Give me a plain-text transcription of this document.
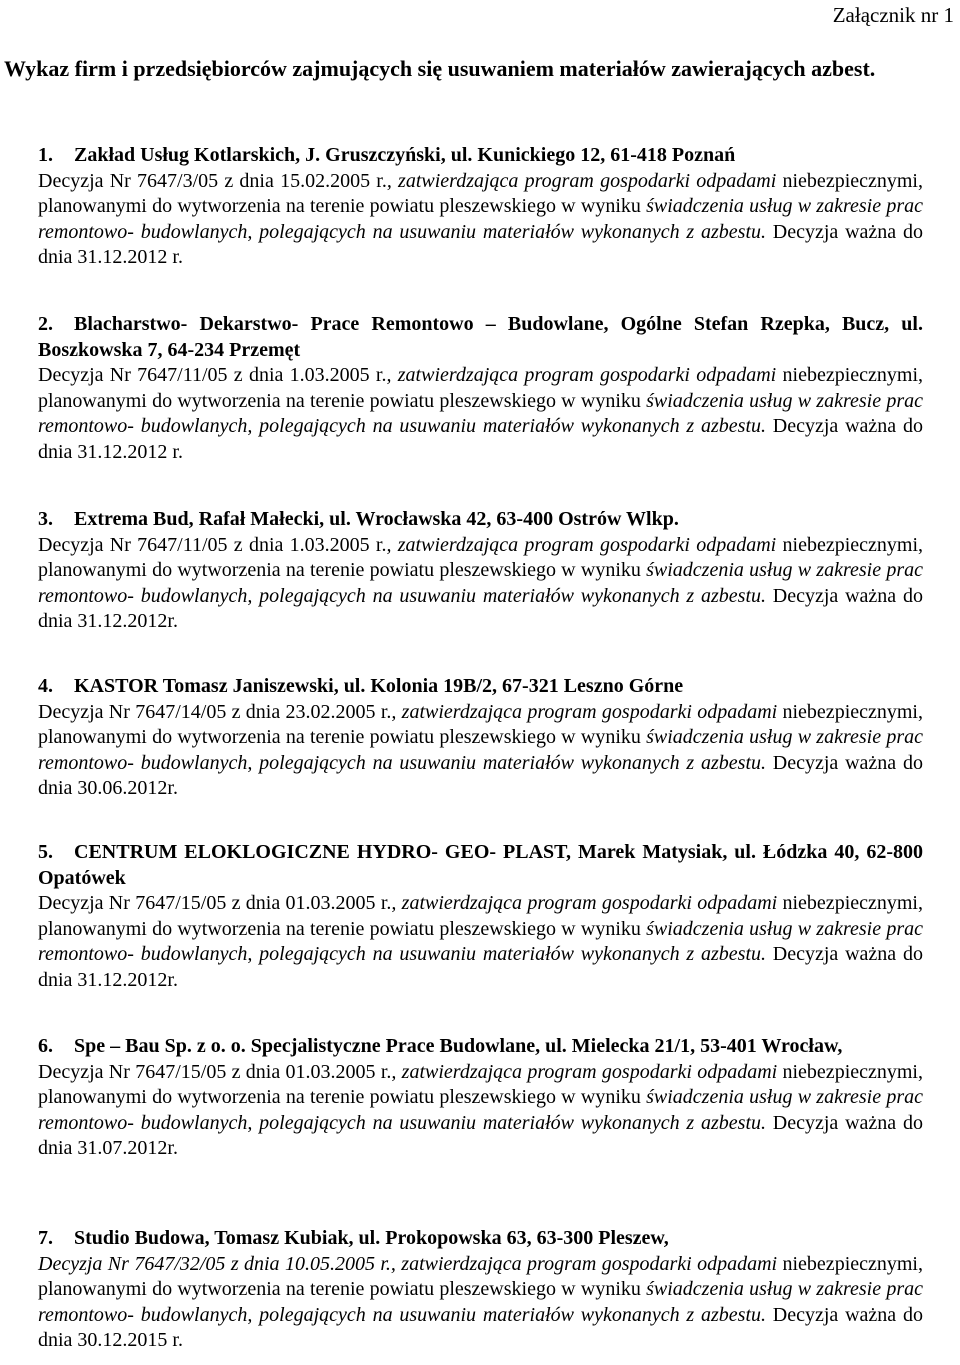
Załącznik nr 1

Wykaz firm i przedsiębiorców zajmujących się usuwaniem materiałów zawierających azbest.

1. Zakład Usług Kotlarskich, J. Gruszczyński, ul. Kunickiego 12, 61-418 Poznań

Decyzja Nr 7647/3/05 z dnia 15.02.2005 r., zatwierdzająca program gospodarki odpadami niebezpiecznymi, planowanymi do wytworzenia na terenie powiatu pleszewskiego w wyniku świadczenia usług w zakresie prac remontowo- budowlanych, polegających na usuwaniu materiałów wykonanych z azbestu. Decyzja ważna do dnia 31.12.2012 r.

2. Blacharstwo- Dekarstwo- Prace Remontowo – Budowlane, Ogólne Stefan Rzepka, Bucz, ul. Boszkowska 7, 64-234 Przemęt

Decyzja Nr 7647/11/05 z dnia 1.03.2005 r., zatwierdzająca program gospodarki odpadami niebezpiecznymi, planowanymi do wytworzenia na terenie powiatu pleszewskiego w wyniku świadczenia usług w zakresie prac remontowo- budowlanych, polegających na usuwaniu materiałów wykonanych z azbestu. Decyzja ważna do dnia 31.12.2012 r.

3. Extrema Bud, Rafał Małecki, ul. Wrocławska 42, 63-400 Ostrów Wlkp.

Decyzja Nr 7647/11/05 z dnia 1.03.2005 r., zatwierdzająca program gospodarki odpadami niebezpiecznymi, planowanymi do wytworzenia na terenie powiatu pleszewskiego w wyniku świadczenia usług w zakresie prac remontowo- budowlanych, polegających na usuwaniu materiałów wykonanych z azbestu. Decyzja ważna do dnia 31.12.2012r.

4. KASTOR Tomasz Janiszewski, ul. Kolonia 19B/2, 67-321 Leszno Górne

Decyzja Nr 7647/14/05 z dnia 23.02.2005 r., zatwierdzająca program gospodarki odpadami niebezpiecznymi, planowanymi do wytworzenia na terenie powiatu pleszewskiego w wyniku świadczenia usług w zakresie prac remontowo- budowlanych, polegających na usuwaniu materiałów wykonanych z azbestu. Decyzja ważna do dnia 30.06.2012r.

5. CENTRUM ELOKLOGICZNE HYDRO- GEO- PLAST, Marek Matysiak, ul. Łódzka 40, 62-800 Opatówek

Decyzja Nr 7647/15/05 z dnia 01.03.2005 r., zatwierdzająca program gospodarki odpadami niebezpiecznymi, planowanymi do wytworzenia na terenie powiatu pleszewskiego w wyniku świadczenia usług w zakresie prac remontowo- budowlanych, polegających na usuwaniu materiałów wykonanych z azbestu. Decyzja ważna do dnia 31.12.2012r.

6. Spe – Bau Sp. z o. o. Specjalistyczne Prace Budowlane, ul. Mielecka 21/1, 53-401 Wrocław,

Decyzja Nr 7647/15/05 z dnia 01.03.2005 r., zatwierdzająca program gospodarki odpadami niebezpiecznymi, planowanymi do wytworzenia na terenie powiatu pleszewskiego w wyniku świadczenia usług w zakresie prac remontowo- budowlanych, polegających na usuwaniu materiałów wykonanych z azbestu. Decyzja ważna do dnia 31.07.2012r.

7. Studio Budowa, Tomasz Kubiak, ul. Prokopowska 63, 63-300 Pleszew,

Decyzja Nr 7647/32/05 z dnia 10.05.2005 r., zatwierdzająca program gospodarki odpadami niebezpiecznymi, planowanymi do wytworzenia na terenie powiatu pleszewskiego w wyniku świadczenia usług w zakresie prac remontowo- budowlanych, polegających na usuwaniu materiałów wykonanych z azbestu. Decyzja ważna do dnia 30.12.2015 r.
